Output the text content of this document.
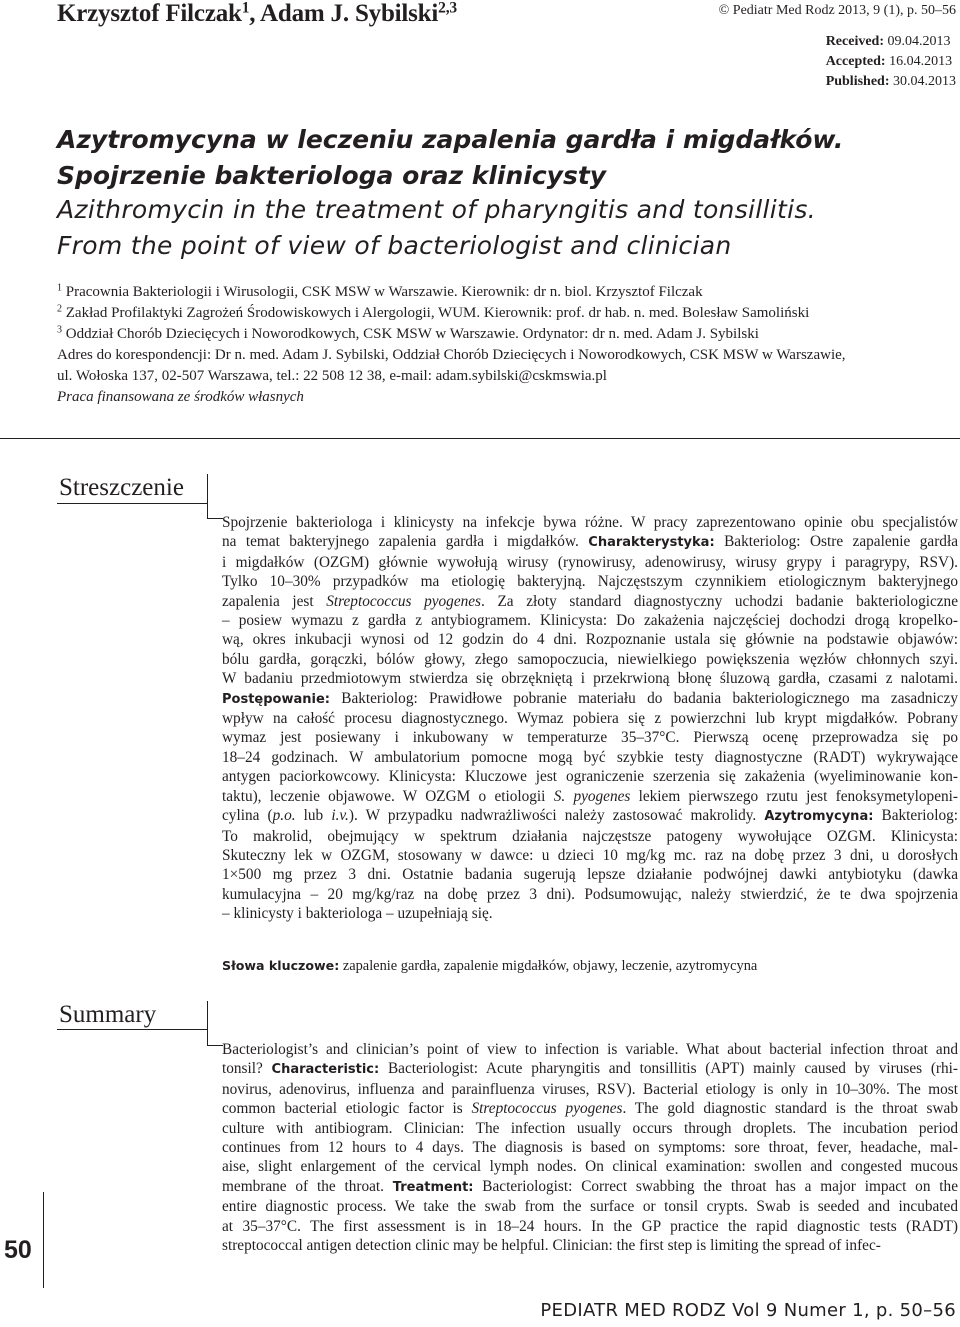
Krzysztof Filczak$^1$, Adam J. Sybilski$^{2,3}$	© Pediatr Med Rodz 2013, 9 (1), p. 50–56
Received: 09.04.2013
Accepted: 16.04.2013
Published: 30.04.2013
Azytromycyna w leczeniu zapalenia gardła i migdałków.
Spojrzenie bakteriologa oraz klinicysty
Azithromycin in the treatment of pharyngitis and tonsillitis.
From the point of view of bacteriologist and clinician
$^1$ Pracownia Bakteriologii i Wirusologii, CSK MSW w Warszawie. Kierownik: dr n. biol. Krzysztof Filczak
$^2$ Zakład Profilaktyki Zagrożeń Środowiskowych i Alergologii, WUM. Kierownik: prof. dr hab. n. med. Bolesław Samoliński
$^3$ Oddział Chorób Dziecięcych i Noworodkowych, CSK MSW w Warszawie. Ordynator: dr n. med. Adam J. Sybilski
Adres do korespondencji: Dr n. med. Adam J. Sybilski, Oddział Chorób Dziecięcych i Noworodkowych, CSK MSW w Warszawie,
ul. Wołoska 137, 02-507 Warszawa, tel.: 22 508 12 38, e-mail: adam.sybilski@cskmswia.pl
Praca finansowana ze środków własnych
Streszczenie
Spojrzenie bakteriologa i klinicysty na infekcje bywa różne. W pracy zaprezentowano opinie obu specjalistów
na temat bakteryjnego zapalenia gardła i migdałków. Charakterystyka: Bakteriolog: Ostre zapalenie gardła
i migdałków (OZGM) głównie wywołują wirusy (rynowirusy, adenowirusy, wirusy grypy i paragrypy, RSV).
Tylko 10–30% przypadków ma etiologię bakteryjną. Najczęstszym czynnikiem etiologicznym bakteryjnego
zapalenia jest Streptococcus pyogenes. Za złoty standard diagnostyczny uchodzi badanie bakteriologiczne
– posiew wymazu z gardła z antybiogramem. Klinicysta: Do zakażenia najczęściej dochodzi drogą kropelko-
wą, okres inkubacji wynosi od 12 godzin do 4 dni. Rozpoznanie ustala się głównie na podstawie objawów:
bólu gardła, gorączki, bólów głowy, złego samopoczucia, niewielkiego powiększenia węzłów chłonnych szyi.
W badaniu przedmiotowym stwierdza się obrzękniętą i przekrwioną błonę śluzową gardła, czasami z nalotami.
Postępowanie: Bakteriolog: Prawidłowe pobranie materiału do badania bakteriologicznego ma zasadniczy
wpływ na całość procesu diagnostycznego. Wymaz pobiera się z powierzchni lub krypt migdałków. Pobrany
wymaz jest posiewany i inkubowany w temperaturze 35–37°C. Pierwszą ocenę przeprowadza się po
18–24 godzinach. W ambulatorium pomocne mogą być szybkie testy diagnostyczne (RADT) wykrywające
antygen paciorkowcowy. Klinicysta: Kluczowe jest ograniczenie szerzenia się zakażenia (wyeliminowanie kon-
taktu), leczenie objawowe. W OZGM o etiologii S. pyogenes lekiem pierwszego rzutu jest fenoksymetylopeni-
cylina (p.o. lub i.v.). W przypadku nadwrażliwości należy zastosować makrolidy. Azytromycyna: Bakteriolog:
To makrolid, obejmujący w spektrum działania najczęstsze patogeny wywołujące OZGM. Klinicysta:
Skuteczny lek w OZGM, stosowany w dawce: u dzieci 10 mg/kg mc. raz na dobę przez 3 dni, u dorosłych
1×500 mg przez 3 dni. Ostatnie badania sugerują lepsze działanie podwójnej dawki antybiotyku (dawka
kumulacyjna – 20 mg/kg/raz na dobę przez 3 dni). Podsumowując, należy stwierdzić, że te dwa spojrzenia
– klinicysty i bakteriologa – uzupełniają się.
Słowa kluczowe: zapalenie gardła, zapalenie migdałków, objawy, leczenie, azytromycyna
Summary
Bacteriologist’s and clinician’s point of view to infection is variable. What about bacterial infection throat and
tonsil? Characteristic: Bacteriologist: Acute pharyngitis and tonsillitis (APT) mainly caused by viruses (rhi-
novirus, adenovirus, influenza and parainfluenza viruses, RSV). Bacterial etiology is only in 10–30%. The most
common bacterial etiologic factor is Streptococcus pyogenes. The gold diagnostic standard is the throat swab
culture with antibiogram. Clinician: The infection usually occurs through droplets. The incubation period
continues from 12 hours to 4 days. The diagnosis is based on symptoms: sore throat, fever, headache, mal-
aise, slight enlargement of the cervical lymph nodes. On clinical examination: swollen and congested mucous
membrane of the throat. Treatment: Bacteriologist: Correct swabbing the throat has a major impact on the
entire diagnostic process. We take the swab from the surface or tonsil crypts. Swab is seeded and incubated
at 35–37°C. The first assessment is in 18–24 hours. In the GP practice the rapid diagnostic tests (RADT)
streptococcal antigen detection clinic may be helpful. Clinician: the first step is limiting the spread of infec-
50
PEDIATR MED RODZ Vol 9 Numer 1, p. 50–56
